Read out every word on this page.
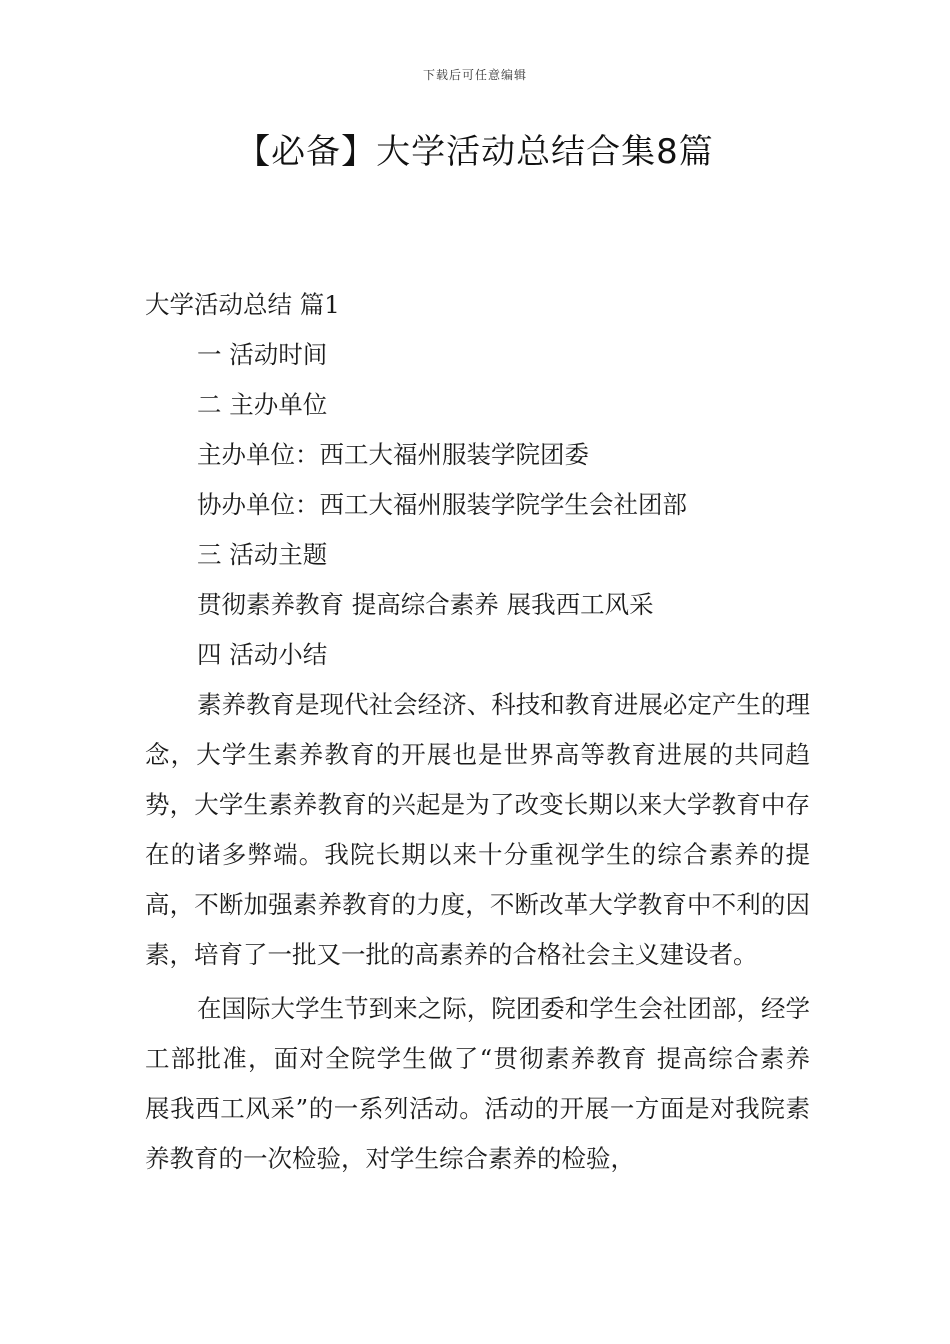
下载后可任意编辑
【必备】大学活动总结合集8篇

大学活动总结 篇1

一 活动时间

二 主办单位

主办单位：西工大福州服装学院团委

协办单位：西工大福州服装学院学生会社团部

三 活动主题

贯彻素养教育 提高综合素养 展我西工风采

四 活动小结

素养教育是现代社会经济、科技和教育进展必定产生的理念，大学生素养教育的开展也是世界高等教育进展的共同趋势，大学生素养教育的兴起是为了改变长期以来大学教育中存在的诸多弊端。我院长期以来十分重视学生的综合素养的提高，不断加强素养教育的力度，不断改革大学教育中不利的因素，培育了一批又一批的高素养的合格社会主义建设者。

在国际大学生节到来之际，院团委和学生会社团部，经学工部批准，面对全院学生做了“贯彻素养教育 提高综合素养 展我西工风采”的一系列活动。活动的开展一方面是对我院素养教育的一次检验，对学生综合素养的检验，
